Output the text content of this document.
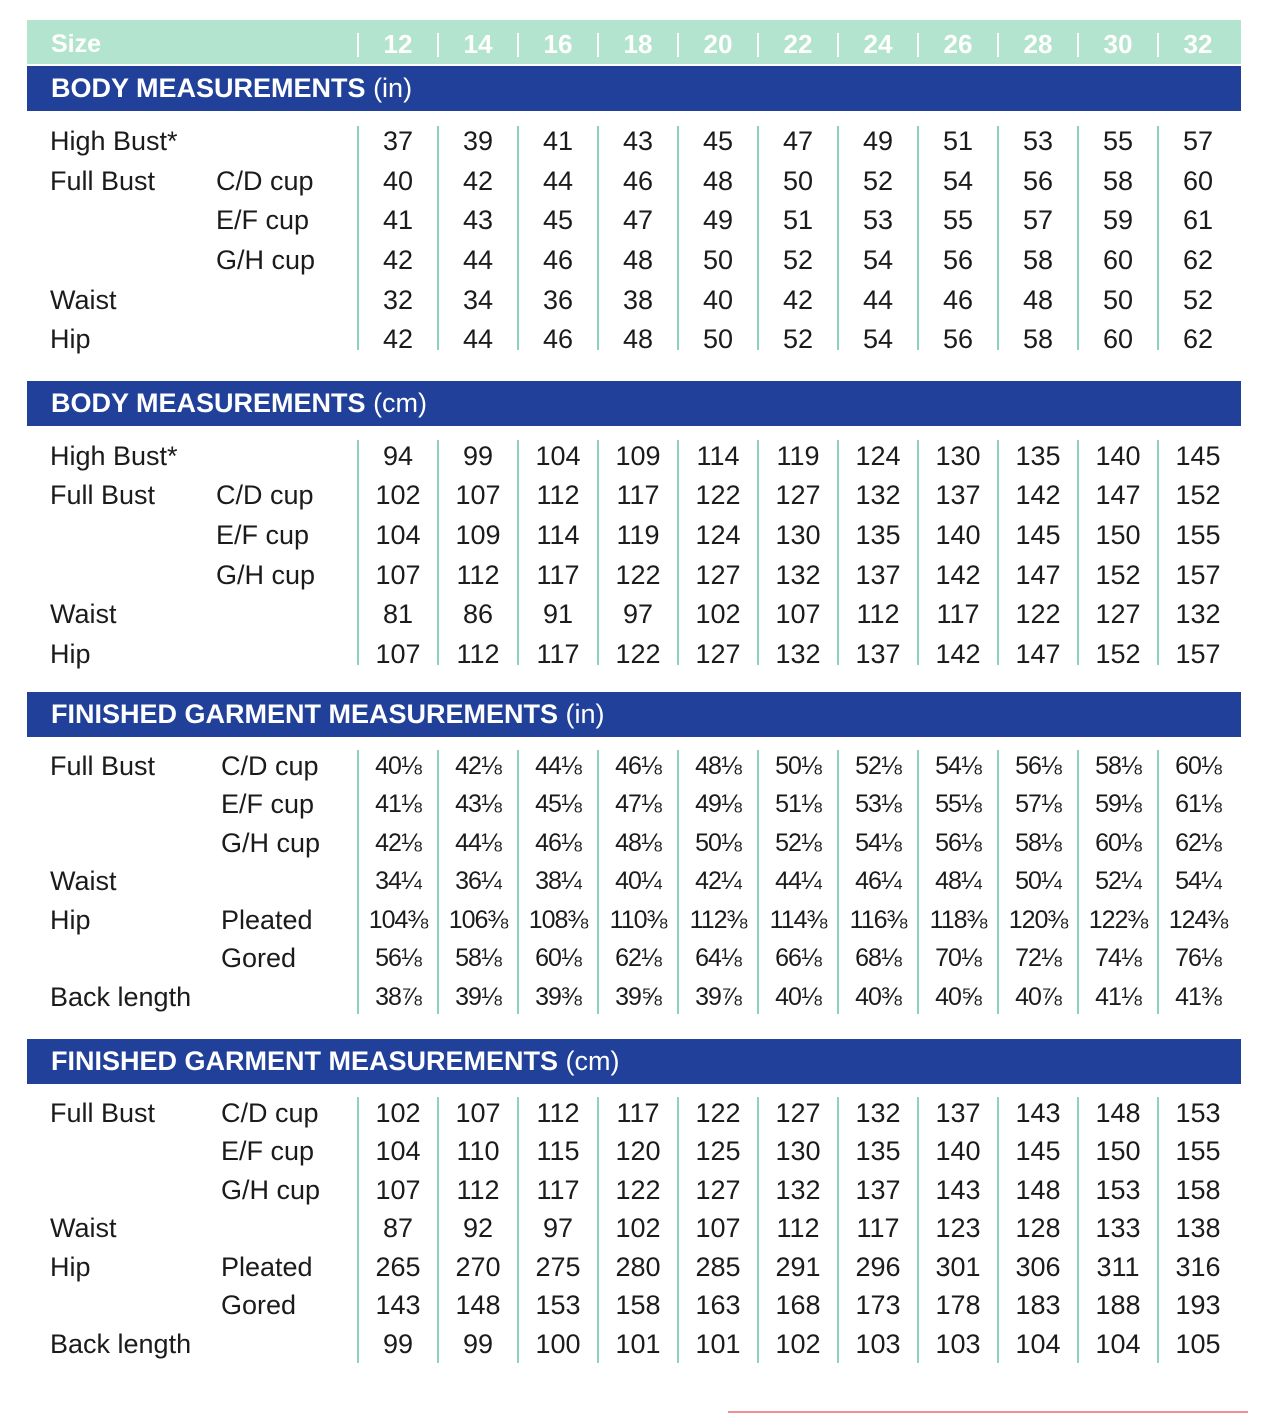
Size	12	14	16	18	20	22	24	26	28	30	32
BODY MEASUREMENTS (in)
High Bust*	37	39	41	43	45	47	49	51	53	55	57
Full Bust C/D cup	40	42	44	46	48	50	52	54	56	58	60
E/F cup	41	43	45	47	49	51	53	55	57	59	61
G/H cup	42	44	46	48	50	52	54	56	58	60	62
Waist	32	34	36	38	40	42	44	46	48	50	52
Hip	42	44	46	48	50	52	54	56	58	60	62
BODY MEASUREMENTS (cm)
High Bust*	94	99	104	109	114	119	124	130	135	140	145
Full Bust C/D cup	102	107	112	117	122	127	132	137	142	147	152
E/F cup	104	109	114	119	124	130	135	140	145	150	155
G/H cup	107	112	117	122	127	132	137	142	147	152	157
Waist	81	86	91	97	102	107	112	117	122	127	132
Hip	107	112	117	122	127	132	137	142	147	152	157
FINISHED GARMENT MEASUREMENTS (in)
Full Bust C/D cup	40⅛	42⅛	44⅛	46⅛	48⅛	50⅛	52⅛	54⅛	56⅛	58⅛	60⅛
E/F cup	41⅛	43⅛	45⅛	47⅛	49⅛	51⅛	53⅛	55⅛	57⅛	59⅛	61⅛
G/H cup	42⅛	44⅛	46⅛	48⅛	50⅛	52⅛	54⅛	56⅛	58⅛	60⅛	62⅛
Waist	34¼	36¼	38¼	40¼	42¼	44¼	46¼	48¼	50¼	52¼	54¼
Hip	Pleated	104⅜ 106⅜ 108⅜ 110⅜ 112⅜ 114⅜ 116⅜ 118⅜ 120⅜ 122⅜ 124⅜
Gored	56⅛	58⅛	60⅛	62⅛	64⅛	66⅛	68⅛	70⅛	72⅛	74⅛	76⅛
Back length	38⅞	39⅛	39⅜	39⅝	39⅞	40⅛	40⅜	40⅝	40⅞	41⅛	41⅜
FINISHED GARMENT MEASUREMENTS (cm)
Full Bust C/D cup	102	107	112	117	122	127	132	137	143	148	153
E/F cup	104	110	115	120	125	130	135	140	145	150	155
G/H cup	107	112	117	122	127	132	137	143	148	153	158
Waist	87	92	97	102	107	112	117	123	128	133	138
Hip	Pleated	265	270	275	280	285	291	296	301	306	311	316
Gored	143	148	153	158	163	168	173	178	183	188	193
Back length	99	99	100	101	101	102	103	103	104	104	105
